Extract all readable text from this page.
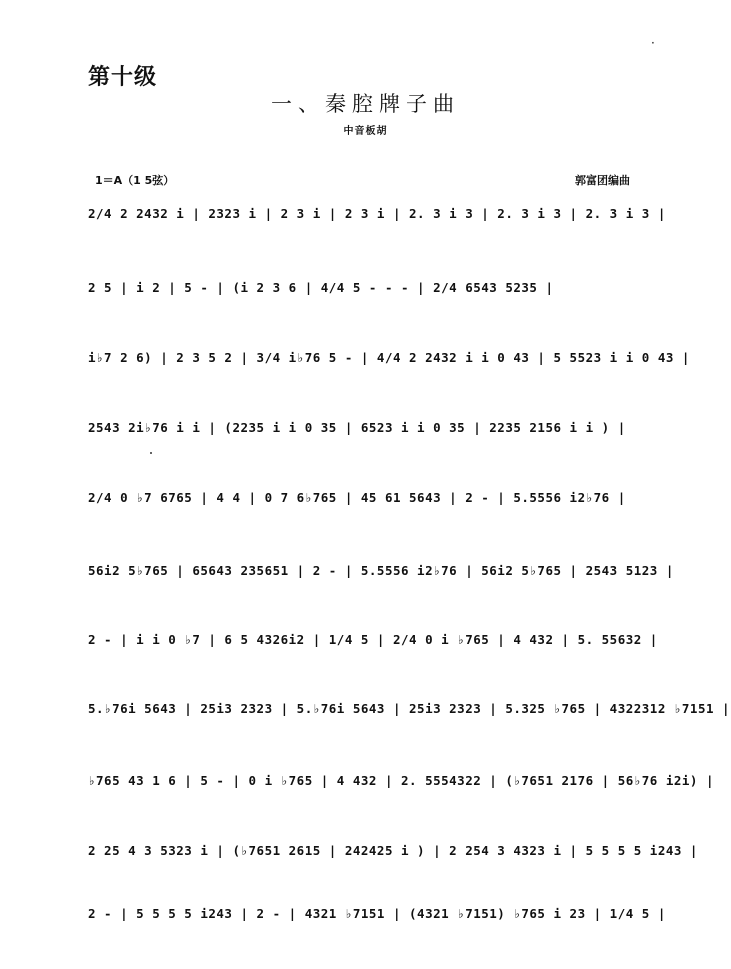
·
第十级
一、秦腔牌子曲
中音板胡
1＝A（1 5弦）	郭富团编曲
2/4 2 2432 i | 2323 i | 2 3 i | 2 3 i | 2. 3 i 3 | 2. 3 i 3 | 2. 3 i 3 |
2 5 | i 2 | 5 - | (i 2 3 6 | 4/4 5 - - - | 2/4 6543 5235 |
i♭7 2 6) | 2 3 5 2 | 3/4 i♭76 5 - | 4/4 2 2432 i i 0 43 | 5 5523 i i 0 43 |
2543 2i♭76 i i | (2235 i i 0 35 | 6523 i i 0 35 | 2235 2156 i i ) |
2/4 0 ♭7 6765 | 4 4 | 0 7 6♭765 | 45 61 5643 | 2 - | 5.5556 i2♭76 |
56i2 5♭765 | 65643 235651 | 2 - | 5.5556 i2♭76 | 56i2 5♭765 | 2543 5123 |
2 - | i i 0 ♭7 | 6 5 4326i2 | 1/4 5 | 2/4 0 i ♭765 | 4 432 | 5. 55632 |
5.♭76i 5643 | 25i3 2323 | 5.♭76i 5643 | 25i3 2323 | 5.325 ♭765 | 4322312 ♭7151 |
♭765 43 1 6 | 5 - | 0 i ♭765 | 4 432 | 2. 5554322 | (♭7651 2176 | 56♭76 i2i) |
2 25 4 3 5323 i | (♭7651 2615 | 242425 i ) | 2 254 3 4323 i | 5 5 5 5 i243 |
2 - | 5 5 5 5 i243 | 2 - | 4321 ♭7151 | (4321 ♭7151) ♭765 i 23 | 1/4 5 |
